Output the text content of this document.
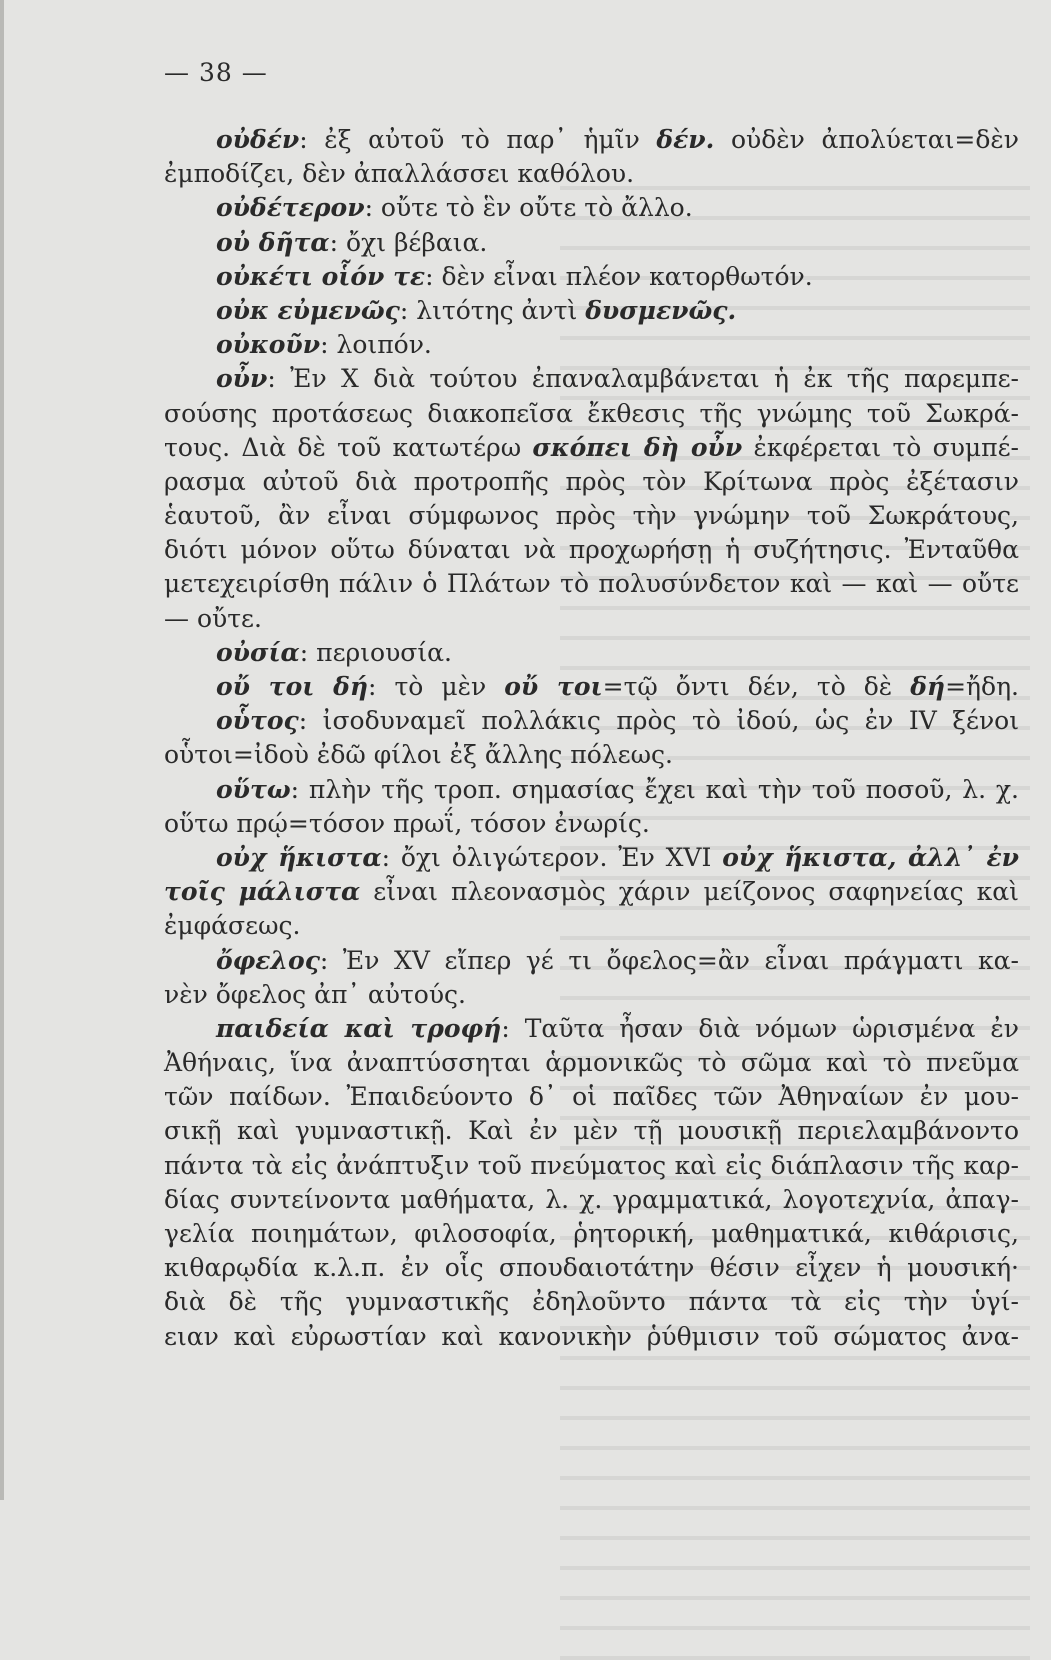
— 38 —
οὐδέν: ἐξ αὐτοῦ τὸ παρ᾿ ἡμῖν δέν. οὐδὲν ἀπολύεται=δὲν
ἐμποδίζει, δὲν ἀπαλλάσσει καθόλου.
οὐδέτερον: οὔτε τὸ ἓν οὔτε τὸ ἄλλο.
οὐ δῆτα: ὄχι βέβαια.
οὐκέτι οἷόν τε: δὲν εἶναι πλέον κατορθωτόν.
οὐκ εὐμενῶς: λιτότης ἀντὶ δυσμενῶς.
οὐκοῦν: λοιπόν.
οὖν: Ἐν X διὰ τούτου ἐπαναλαμβάνεται ἡ ἐκ τῆς παρεμπε-
σούσης προτάσεως διακοπεῖσα ἔκθεσις τῆς γνώμης τοῦ Σωκρά-
τους. Διὰ δὲ τοῦ κατωτέρω σκόπει δὴ οὖν ἐκφέρεται τὸ συμπέ-
ρασμα αὐτοῦ διὰ προτροπῆς πρὸς τὸν Κρίτωνα πρὸς ἐξέτασιν
ἑαυτοῦ, ἂν εἶναι σύμφωνος πρὸς τὴν γνώμην τοῦ Σωκράτους,
διότι μόνον οὕτω δύναται νὰ προχωρήσῃ ἡ συζήτησις. Ἐνταῦθα
μετεχειρίσθη πάλιν ὁ Πλάτων τὸ πολυσύνδετον καὶ — καὶ — οὔτε
— οὔτε.
οὐσία: περιουσία.
οὔ τοι δή: τὸ μὲν οὔ τοι=τῷ ὄντι δέν, τὸ δὲ δή=ἤδη.
οὗτος: ἰσοδυναμεῖ πολλάκις πρὸς τὸ ἰδού, ὡς ἐν IV ξένοι
οὗτοι=ἰδοὺ ἐδῶ φίλοι ἐξ ἄλλης πόλεως.
οὕτω: πλὴν τῆς τροπ. σημασίας ἔχει καὶ τὴν τοῦ ποσοῦ, λ. χ.
οὕτω πρῴ=τόσον πρωΐ, τόσον ἐνωρίς.
οὐχ ἥκιστα: ὄχι ὀλιγώτερον. Ἐν XVI οὐχ ἥκιστα, ἀλλ᾿ ἐν
τοῖς μάλιστα εἶναι πλεονασμὸς χάριν μείζονος σαφηνείας καὶ
ἐμφάσεως.
ὄφελος: Ἐν XV εἴπερ γέ τι ὄφελος=ἂν εἶναι πράγματι κα-
νὲν ὄφελος ἀπ᾿ αὐτούς.
παιδεία καὶ τροφή: Ταῦτα ἦσαν διὰ νόμων ὡρισμένα ἐν
Ἀθήναις, ἵνα ἀναπτύσσηται ἁρμονικῶς τὸ σῶμα καὶ τὸ πνεῦμα
τῶν παίδων. Ἐπαιδεύοντο δ᾿ οἱ παῖδες τῶν Ἀθηναίων ἐν μου-
σικῇ καὶ γυμναστικῇ. Καὶ ἐν μὲν τῇ μουσικῇ περιελαμβάνοντο
πάντα τὰ εἰς ἀνάπτυξιν τοῦ πνεύματος καὶ εἰς διάπλασιν τῆς καρ-
δίας συντείνοντα μαθήματα, λ. χ. γραμματικά, λογοτεχνία, ἀπαγ-
γελία ποιημάτων, φιλοσοφία, ῥητορική, μαθηματικά, κιθάρισις,
κιθαρῳδία κ.λ.π. ἐν οἷς σπουδαιοτάτην θέσιν εἶχεν ἡ μουσική·
διὰ δὲ τῆς γυμναστικῆς ἐδηλοῦντο πάντα τὰ εἰς τὴν ὑγί-
ειαν καὶ εὐρωστίαν καὶ κανονικὴν ῥύθμισιν τοῦ σώματος ἀνα-
